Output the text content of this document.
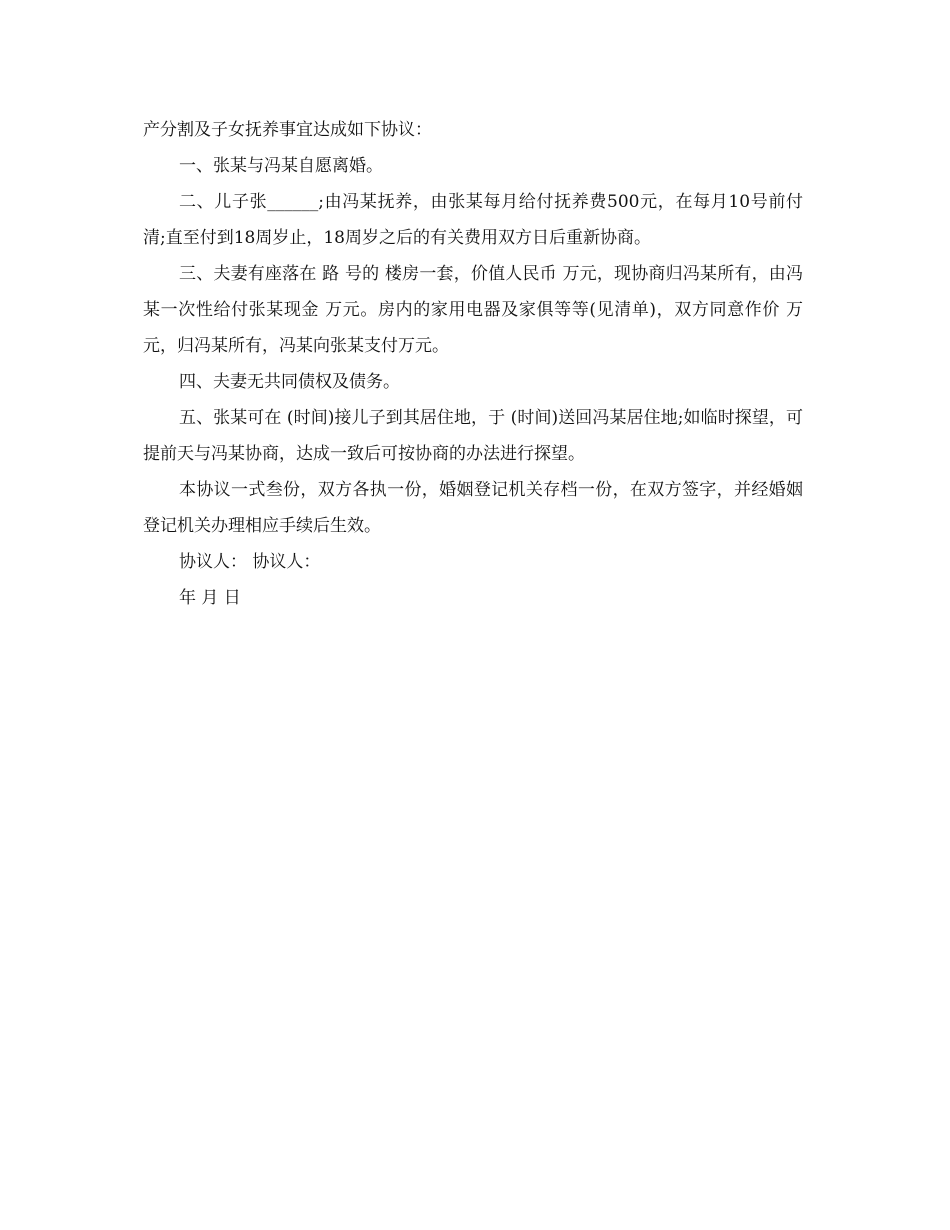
产分割及子女抚养事宜达成如下协议：

一、张某与冯某自愿离婚。

二、儿子张______;由冯某抚养，由张某每月给付抚养费500元，在每月10号前付清;直至付到18周岁止，18周岁之后的有关费用双方日后重新协商。

三、夫妻有座落在 路 号的 楼房一套，价值人民币 万元，现协商归冯某所有，由冯某一次性给付张某现金 万元。房内的家用电器及家俱等等(见清单)，双方同意作价 万元，归冯某所有，冯某向张某支付万元。

四、夫妻无共同债权及债务。

五、张某可在 (时间)接儿子到其居住地，于 (时间)送回冯某居住地;如临时探望，可提前天与冯某协商，达成一致后可按协商的办法进行探望。

本协议一式叁份，双方各执一份，婚姻登记机关存档一份，在双方签字，并经婚姻登记机关办理相应手续后生效。

协议人： 协议人：

年 月 日
